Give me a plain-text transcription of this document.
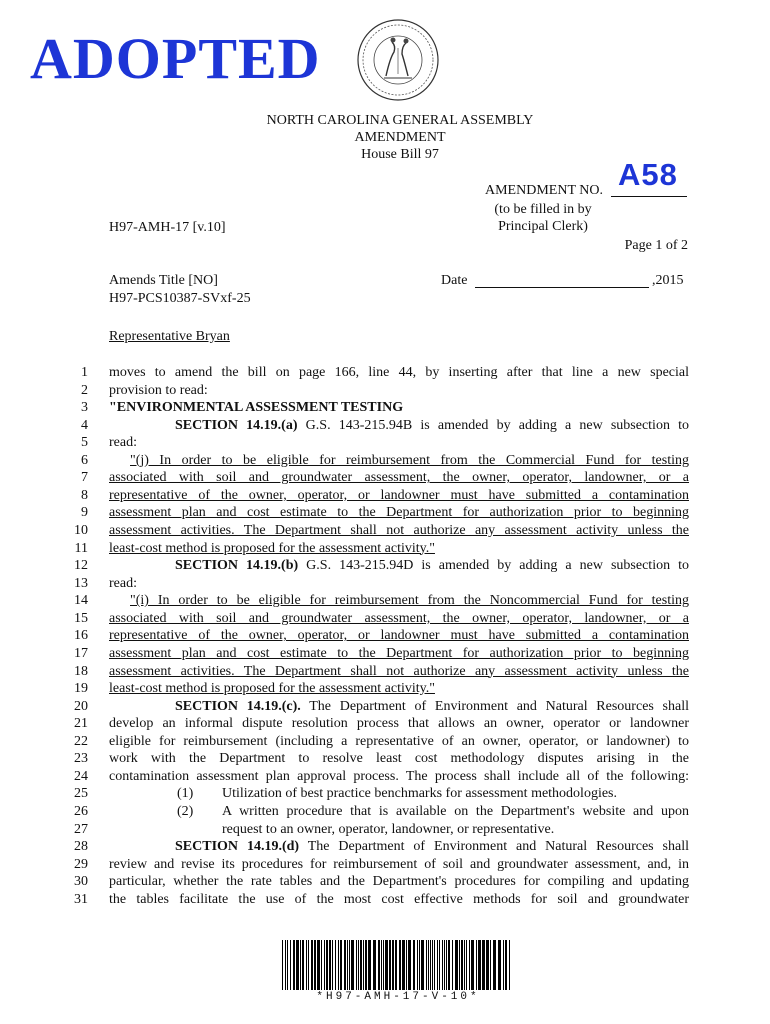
ADOPTED
NORTH CAROLINA GENERAL ASSEMBLY
AMENDMENT
House Bill 97
AMENDMENT NO. A58
(to be filled in by
Principal Clerk)
H97-AMH-17 [v.10]
Page 1 of 2
Amends Title [NO]
H97-PCS10387-SVxf-25
Date	,2015
Representative Bryan
1 moves to amend the bill on page 166, line 44, by inserting after that line a new special
2 provision to read:
3 "ENVIRONMENTAL ASSESSMENT TESTING
4	SECTION 14.19.(a) G.S. 143-215.94B is amended by adding a new subsection to
5 read:
6	"(j) In order to be eligible for reimbursement from the Commercial Fund for testing
7 associated with soil and groundwater assessment, the owner, operator, landowner, or a
8 representative of the owner, operator, or landowner must have submitted a contamination
9 assessment plan and cost estimate to the Department for authorization prior to beginning
10 assessment activities. The Department shall not authorize any assessment activity unless the
11 least-cost method is proposed for the assessment activity."
12	SECTION 14.19.(b) G.S. 143-215.94D is amended by adding a new subsection to
13 read:
14	"(i) In order to be eligible for reimbursement from the Noncommercial Fund for testing
15 associated with soil and groundwater assessment, the owner, operator, landowner, or a
16 representative of the owner, operator, or landowner must have submitted a contamination
17 assessment plan and cost estimate to the Department for authorization prior to beginning
18 assessment activities. The Department shall not authorize any assessment activity unless the
19 least-cost method is proposed for the assessment activity."
20	SECTION 14.19.(c). The Department of Environment and Natural Resources shall
21 develop an informal dispute resolution process that allows an owner, operator or landowner
22 eligible for reimbursement (including a representative of an owner, operator, or landowner) to
23 work with the Department to resolve least cost methodology disputes arising in the
24 contamination assessment plan approval process. The process shall include all of the following:
25	(1) Utilization of best practice benchmarks for assessment methodologies.
26	(2) A written procedure that is available on the Department's website and upon
27	request to an owner, operator, landowner, or representative.
28	SECTION 14.19.(d) The Department of Environment and Natural Resources shall
29 review and revise its procedures for reimbursement of soil and groundwater assessment, and, in
30 particular, whether the rate tables and the Department's procedures for compiling and updating
31 the tables facilitate the use of the most cost effective methods for soil and groundwater
*H97-AMH-17-V-10*
